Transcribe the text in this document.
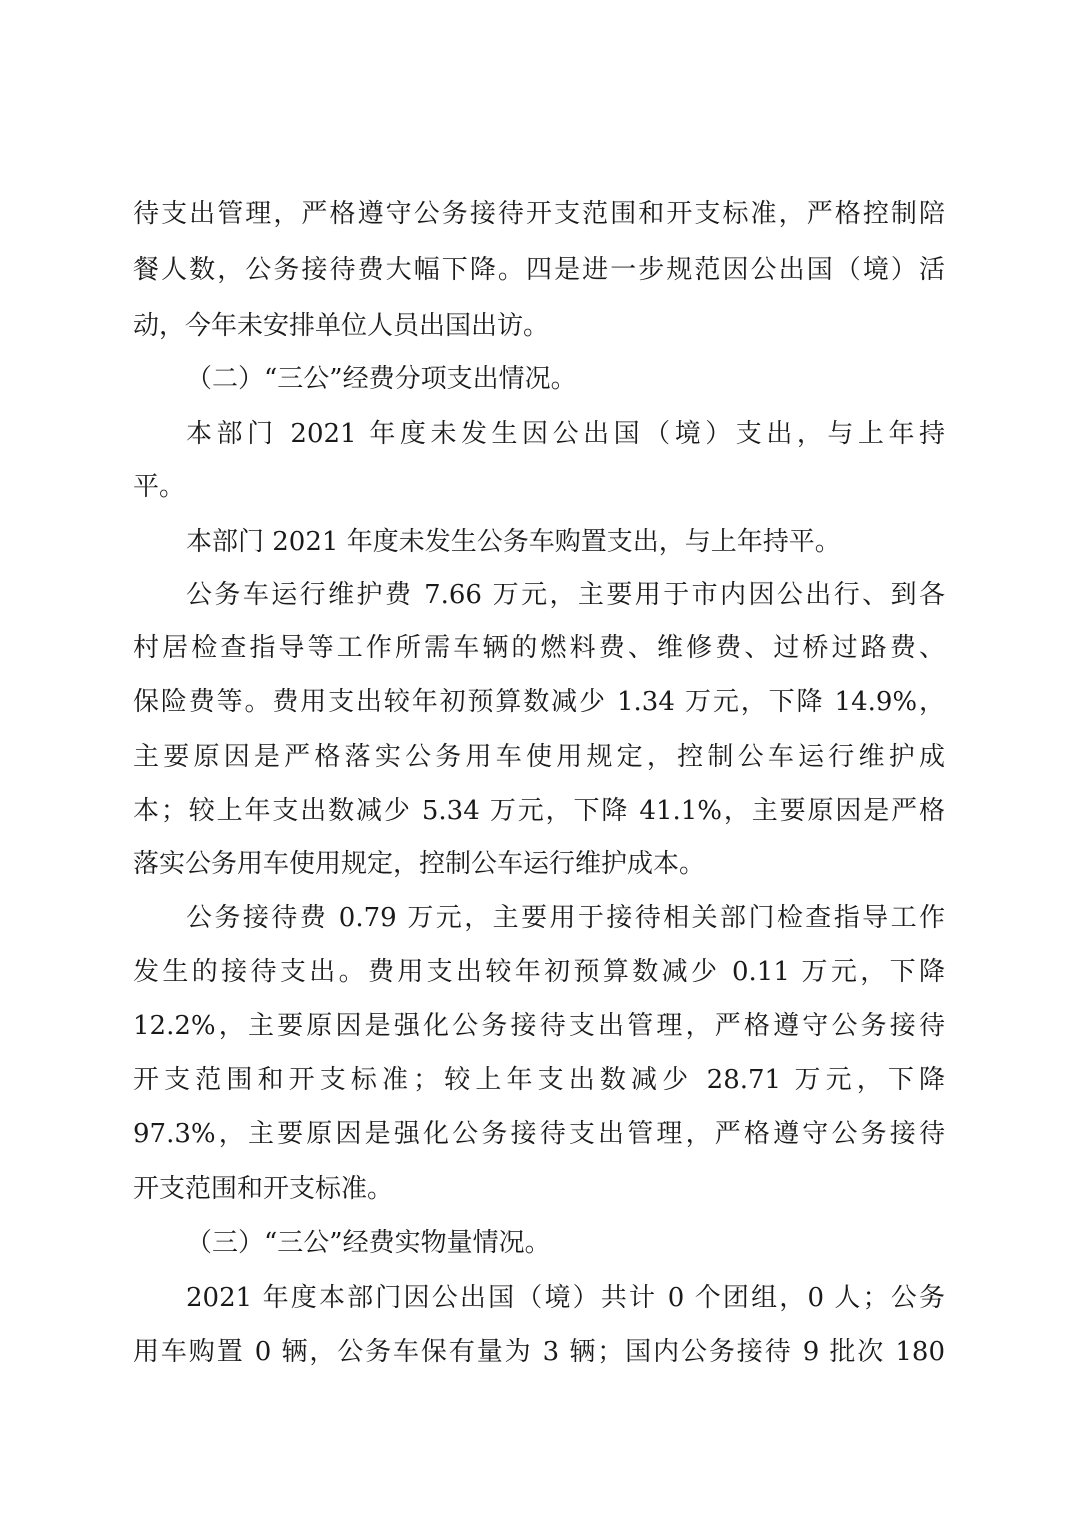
待支出管理，严格遵守公务接待开支范围和开支标准，严格控制陪
餐人数，公务接待费大幅下降。四是进一步规范因公出国（境）活
动，今年未安排单位人员出国出访。
（二）“三公”经费分项支出情况。
本部门 2021 年度未发生因公出国（境）支出，与上年持
平。
本部门 2021 年度未发生公务车购置支出，与上年持平。
公务车运行维护费 7.66 万元，主要用于市内因公出行、到各
村居检查指导等工作所需车辆的燃料费、维修费、过桥过路费、
保险费等。费用支出较年初预算数减少 1.34 万元，下降 14.9%，
主要原因是严格落实公务用车使用规定，控制公车运行维护成
本；较上年支出数减少 5.34 万元，下降 41.1%，主要原因是严格
落实公务用车使用规定，控制公车运行维护成本。
公务接待费 0.79 万元，主要用于接待相关部门检查指导工作
发生的接待支出。费用支出较年初预算数减少 0.11 万元，下降
12.2%，主要原因是强化公务接待支出管理，严格遵守公务接待
开支范围和开支标准；较上年支出数减少 28.71 万元，下降
97.3%，主要原因是强化公务接待支出管理，严格遵守公务接待
开支范围和开支标准。
（三）“三公”经费实物量情况。
2021 年度本部门因公出国（境）共计 0 个团组，0 人；公务
用车购置 0 辆，公务车保有量为 3 辆；国内公务接待 9 批次 180
